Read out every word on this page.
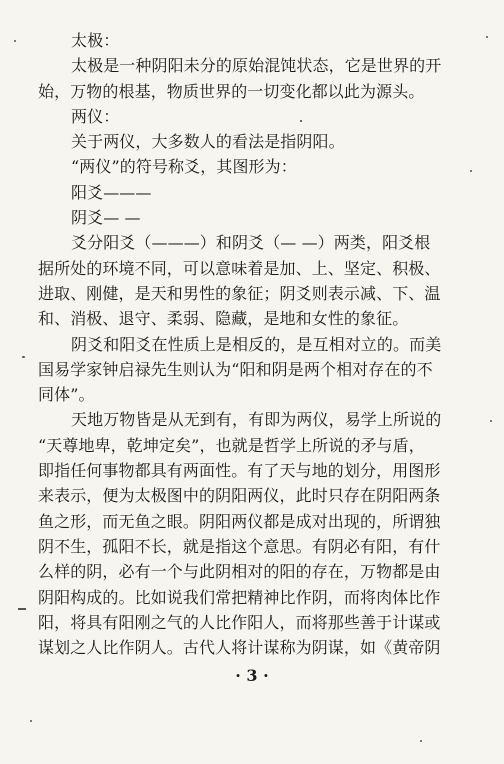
太极：
太极是一种阴阳未分的原始混饨状态，它是世界的开
始，万物的根基，物质世界的一切变化都以此为源头。
两仪：
关于两仪，大多数人的看法是指阴阳。
“两仪”的符号称爻，其图形为：
阳爻———
阴爻— —
爻分阳爻（———）和阴爻（— —）两类，阳爻根
据所处的环境不同，可以意味着是加、上、坚定、积极、
进取、刚健，是天和男性的象征；阴爻则表示减、下、温
和、消极、退守、柔弱、隐藏，是地和女性的象征。
阴爻和阳爻在性质上是相反的，是互相对立的。而美
国易学家钟启禄先生则认为“阳和阴是两个相对存在的不
同体”。
天地万物皆是从无到有，有即为两仪，易学上所说的
“天尊地卑，乾坤定矣”，也就是哲学上所说的矛与盾，
即指任何事物都具有两面性。有了天与地的划分，用图形
来表示，便为太极图中的阴阳两仪，此时只存在阴阳两条
鱼之形，而无鱼之眼。阴阳两仪都是成对出现的，所谓独
阴不生，孤阳不长，就是指这个意思。有阴必有阳，有什
么样的阴，必有一个与此阴相对的阳的存在，万物都是由
阴阳构成的。比如说我们常把精神比作阴，而将肉体比作
阳，将具有阳刚之气的人比作阳人，而将那些善于计谋或
谋划之人比作阴人。古代人将计谋称为阴谋，如《黄帝阴
· 3 ·
